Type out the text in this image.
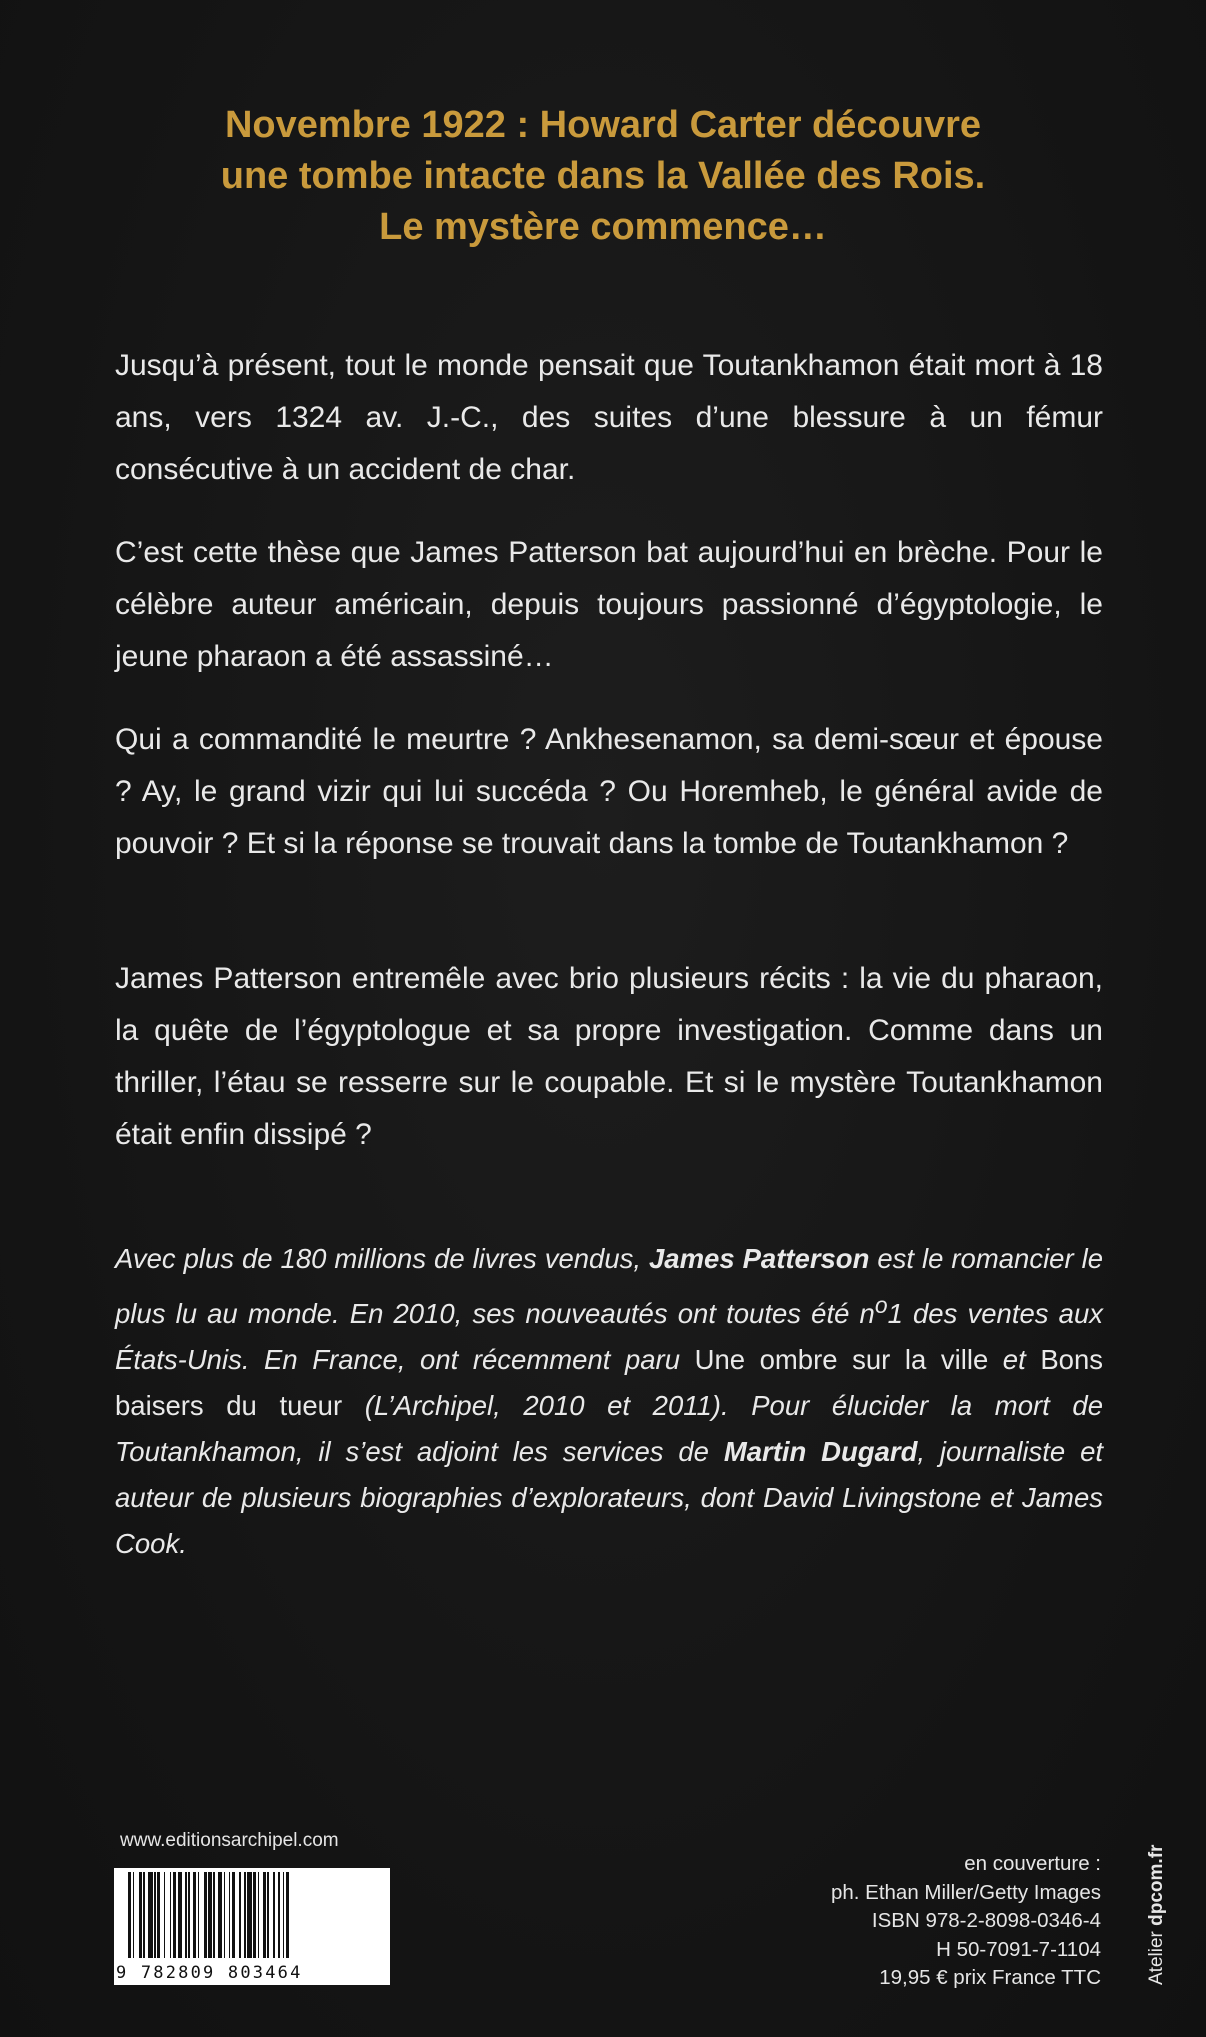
Novembre 1922 : Howard Carter découvre
une tombe intacte dans la Vallée des Rois.
Le mystère commence…

Jusqu’à présent, tout le monde pensait que Toutankhamon était mort à 18 ans, vers 1324 av. J.-C., des suites d’une blessure à un fémur consécutive à un accident de char.

C’est cette thèse que James Patterson bat aujourd’hui en brèche. Pour le célèbre auteur américain, depuis toujours passionné d’égyptologie, le jeune pharaon a été assassiné…

Qui a commandité le meurtre ? Ankhesenamon, sa demi-sœur et épouse ? Ay, le grand vizir qui lui succéda ? Ou Horemheb, le général avide de pouvoir ? Et si la réponse se trouvait dans la tombe de Toutankhamon ?

James Patterson entremêle avec brio plusieurs récits : la vie du pharaon, la quête de l’égyptologue et sa propre investigation. Comme dans un thriller, l’étau se resserre sur le coupable. Et si le mystère Toutankhamon était enfin dissipé ?

Avec plus de 180 millions de livres vendus, James Patterson est le romancier le plus lu au monde. En 2010, ses nouveautés ont toutes été $n^o1$ des ventes aux États-Unis. En France, ont récemment paru Une ombre sur la ville et Bons baisers du tueur (L’Archipel, 2010 et 2011). Pour élucider la mort de Toutankhamon, il s’est adjoint les services de Martin Dugard, journaliste et auteur de plusieurs biographies d’explorateurs, dont David Livingstone et James Cook.

www.editionsarchipel.com
9 782809 803464
en couverture :
ph. Ethan Miller/Getty Images
ISBN 978-2-8098-0346-4
H 50-7091-7-1104
19,95 € prix France TTC Atelier dpcom.fr
